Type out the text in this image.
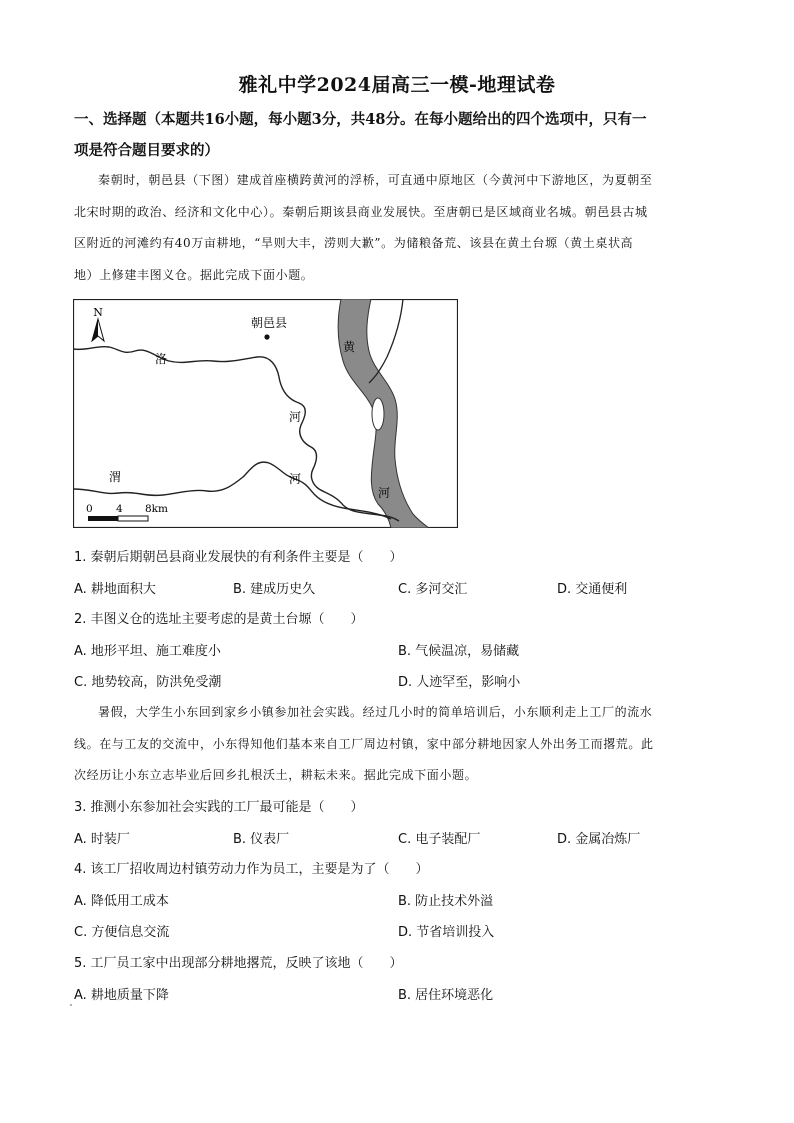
雅礼中学2024届高三一模-地理试卷
一、选择题（本题共16小题，每小题3分，共48分。在每小题给出的四个选项中，只有一
项是符合题目要求的）
秦朝时，朝邑县（下图）建成首座横跨黄河的浮桥，可直通中原地区（今黄河中下游地区，为夏朝至
北宋时期的政治、经济和文化中心）。秦朝后期该县商业发展快。至唐朝已是区域商业名城。朝邑县古城
区附近的河滩约有40万亩耕地，“旱则大丰，涝则大歉”。为储粮备荒、该县在黄土台塬（黄土桌状高
地）上修建丰图义仓。据此完成下面小题。
N
朝邑县
洛
河
渭	河
黄
河
0 4 8km
1. 秦朝后期朝邑县商业发展快的有利条件主要是（　　）
A. 耕地面积大	B. 建成历史久	C. 多河交汇	D. 交通便利
2. 丰图义仓的选址主要考虑的是黄土台塬（　　）
A. 地形平坦、施工难度小	B. 气候温凉，易储藏
C. 地势较高，防洪免受潮	D. 人迹罕至，影响小
暑假，大学生小东回到家乡小镇参加社会实践。经过几小时的简单培训后，小东顺利走上工厂的流水
线。在与工友的交流中，小东得知他们基本来自工厂周边村镇，家中部分耕地因家人外出务工而撂荒。此
次经历让小东立志毕业后回乡扎根沃土，耕耘未来。据此完成下面小题。
3. 推测小东参加社会实践的工厂最可能是（　　）
A. 时装厂	B. 仪表厂	C. 电子装配厂	D. 金属冶炼厂
4. 该工厂招收周边村镇劳动力作为员工，主要是为了（　　）
A. 降低用工成本	B. 防止技术外溢
C. 方便信息交流	D. 节省培训投入
5. 工厂员工家中出现部分耕地撂荒，反映了该地（　　）
A. 耕地质量下降	B. 居住环境恶化
